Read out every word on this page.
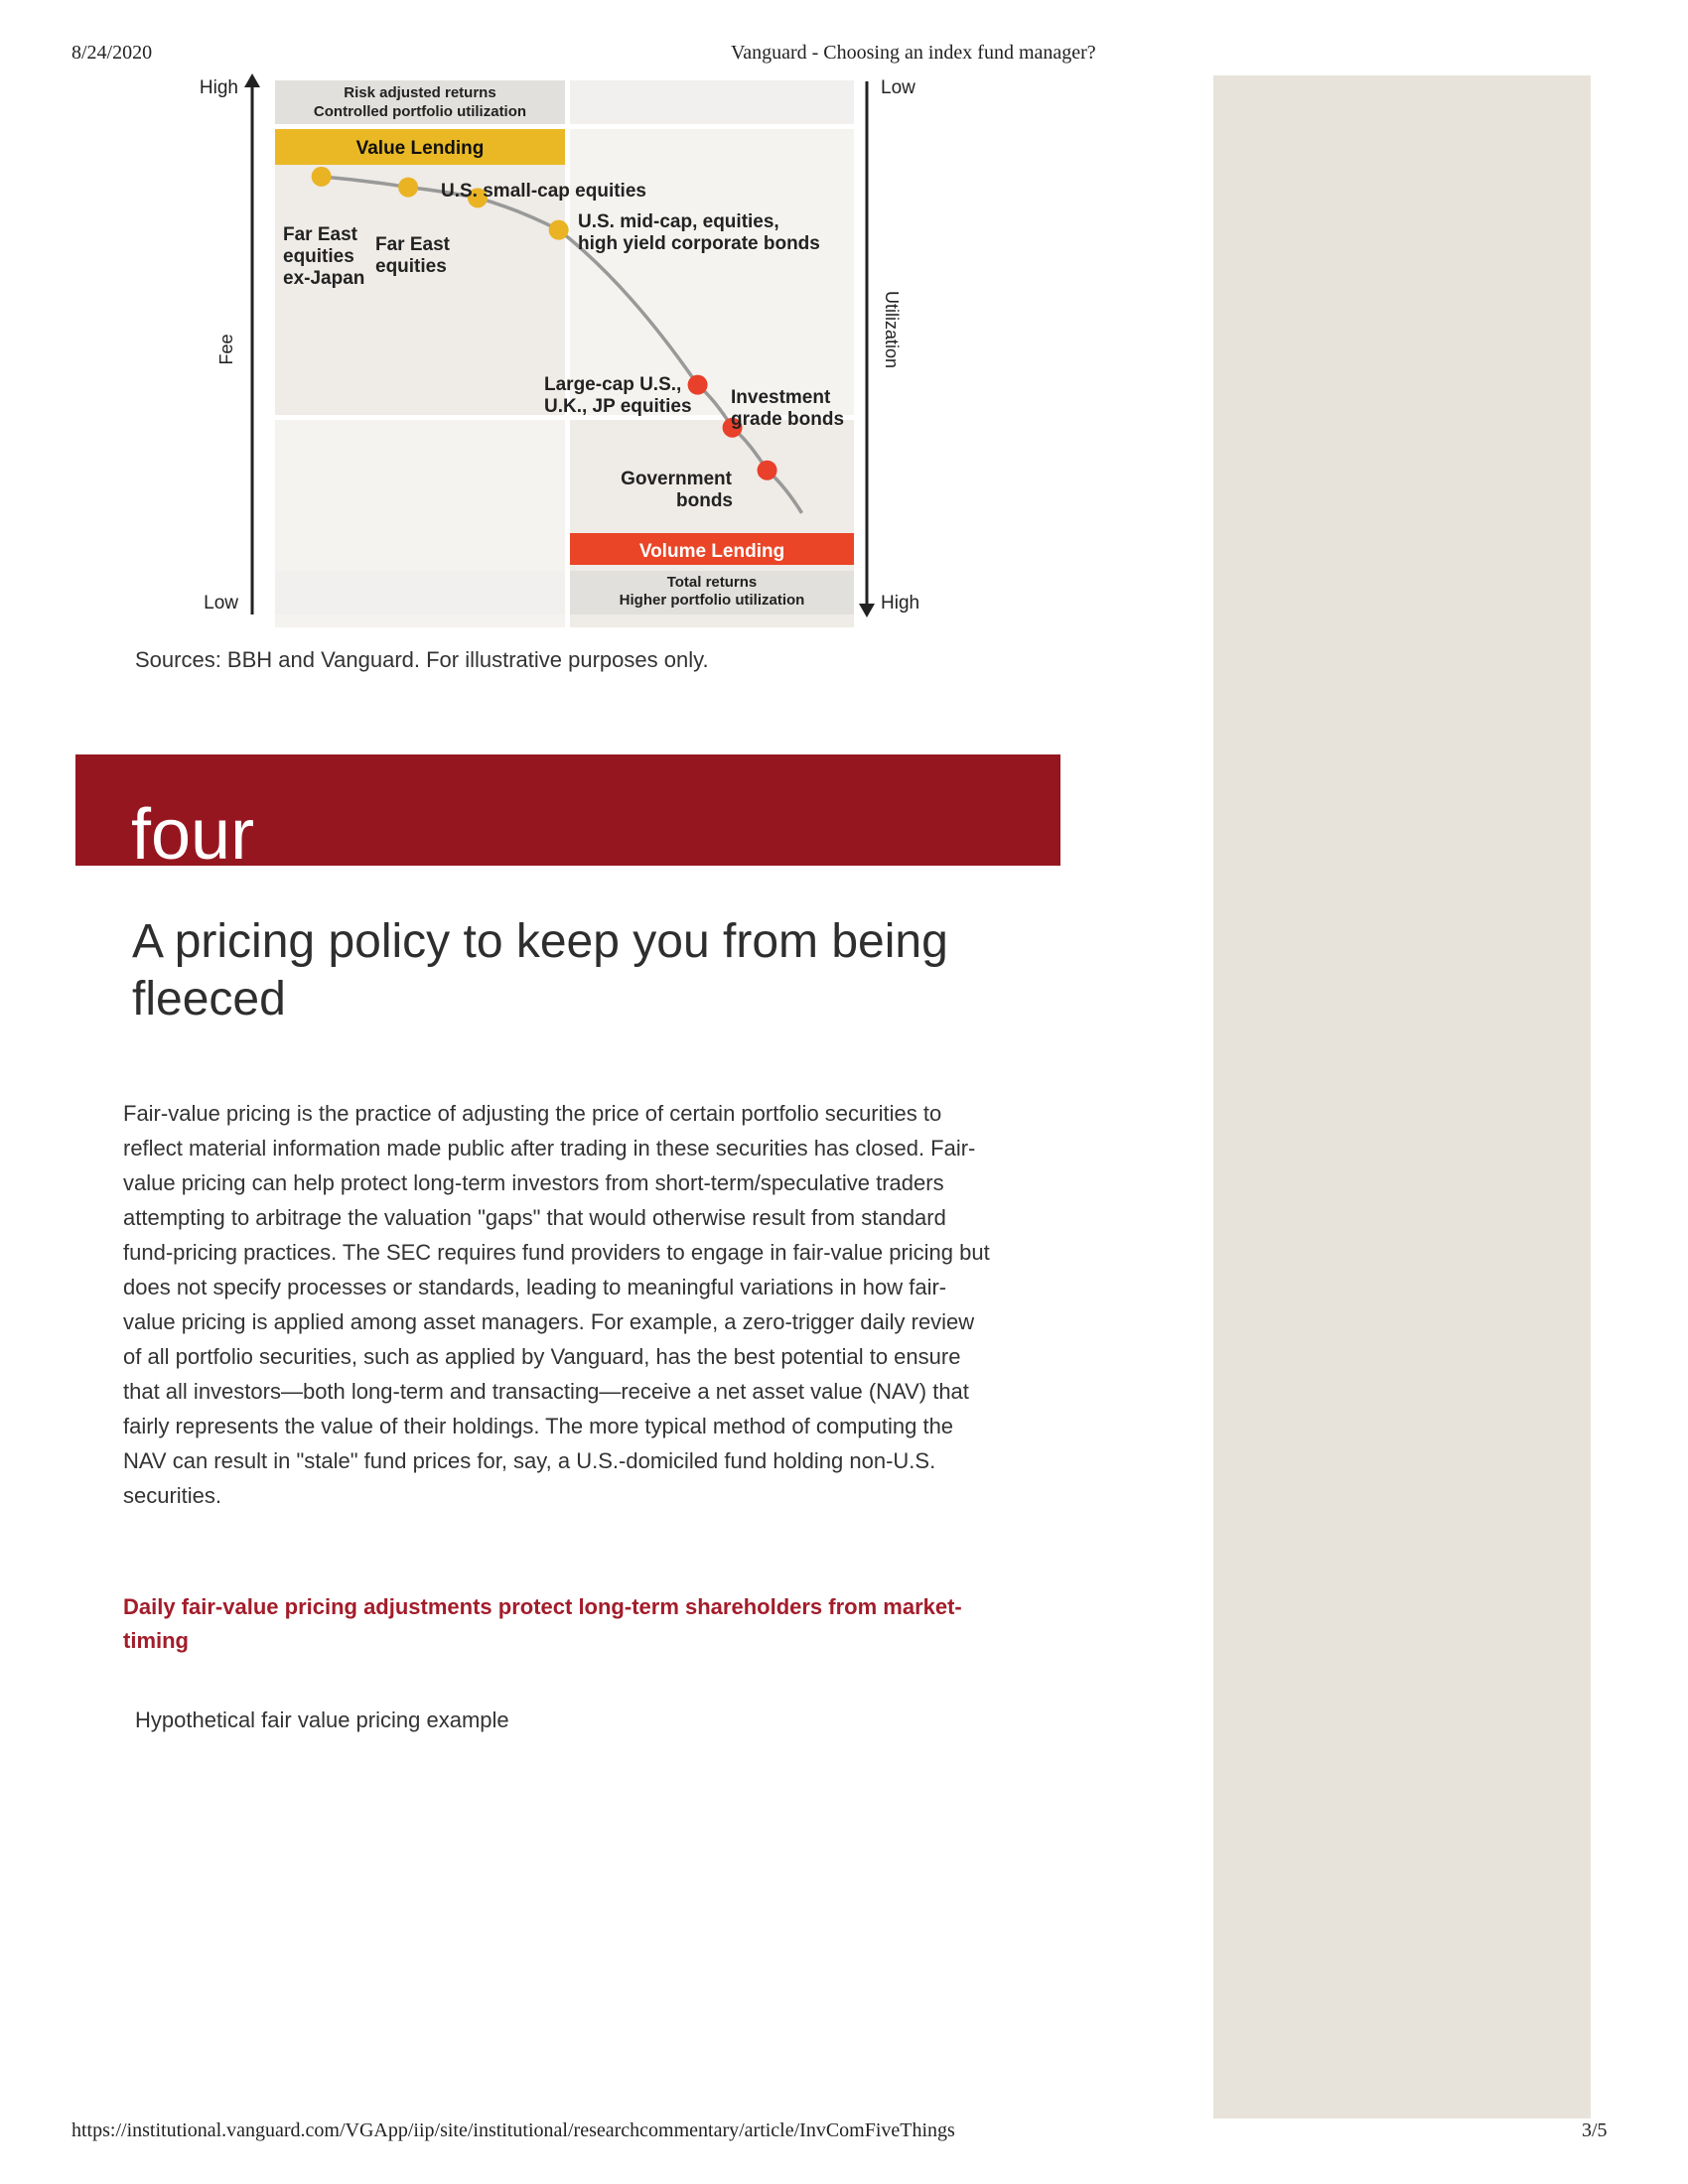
8/24/2020	Vanguard - Choosing an index fund manager?
High
Low
Low
High
Fee	Utilization
Risk adjusted returns
Controlled portfolio utilization
Value Lending
Volume Lending
Total returns
Higher portfolio utilization
Far East
equities
ex-Japan
Far East
equities
U.S. small-cap equities
U.S. mid-cap, equities,
high yield corporate bonds
Large-cap U.S.,
U.K., JP equities Investment
grade bonds
Government
bonds
Sources: BBH and Vanguard. For illustrative purposes only.
four
A pricing policy to keep you from being fleeced

Fair-value pricing is the practice of adjusting the price of certain portfolio securities to reflect material information made public after trading in these securities has closed. Fair-value pricing can help protect long-term investors from short-term/speculative traders attempting to arbitrage the valuation "gaps" that would otherwise result from standard fund-pricing practices. The SEC requires fund providers to engage in fair-value pricing but does not specify processes or standards, leading to meaningful variations in how fair-value pricing is applied among asset managers. For example, a zero-trigger daily review of all portfolio securities, such as applied by Vanguard, has the best potential to ensure that all investors—both long-term and transacting—receive a net asset value (NAV) that fairly represents the value of their holdings. The more typical method of computing the NAV can result in "stale" fund prices for, say, a U.S.-domiciled fund holding non-U.S. securities.

Daily fair-value pricing adjustments protect long-term shareholders from market-timing
Hypothetical fair value pricing example
https://institutional.vanguard.com/VGApp/iip/site/institutional/researchcommentary/article/InvComFiveThings	3/5
